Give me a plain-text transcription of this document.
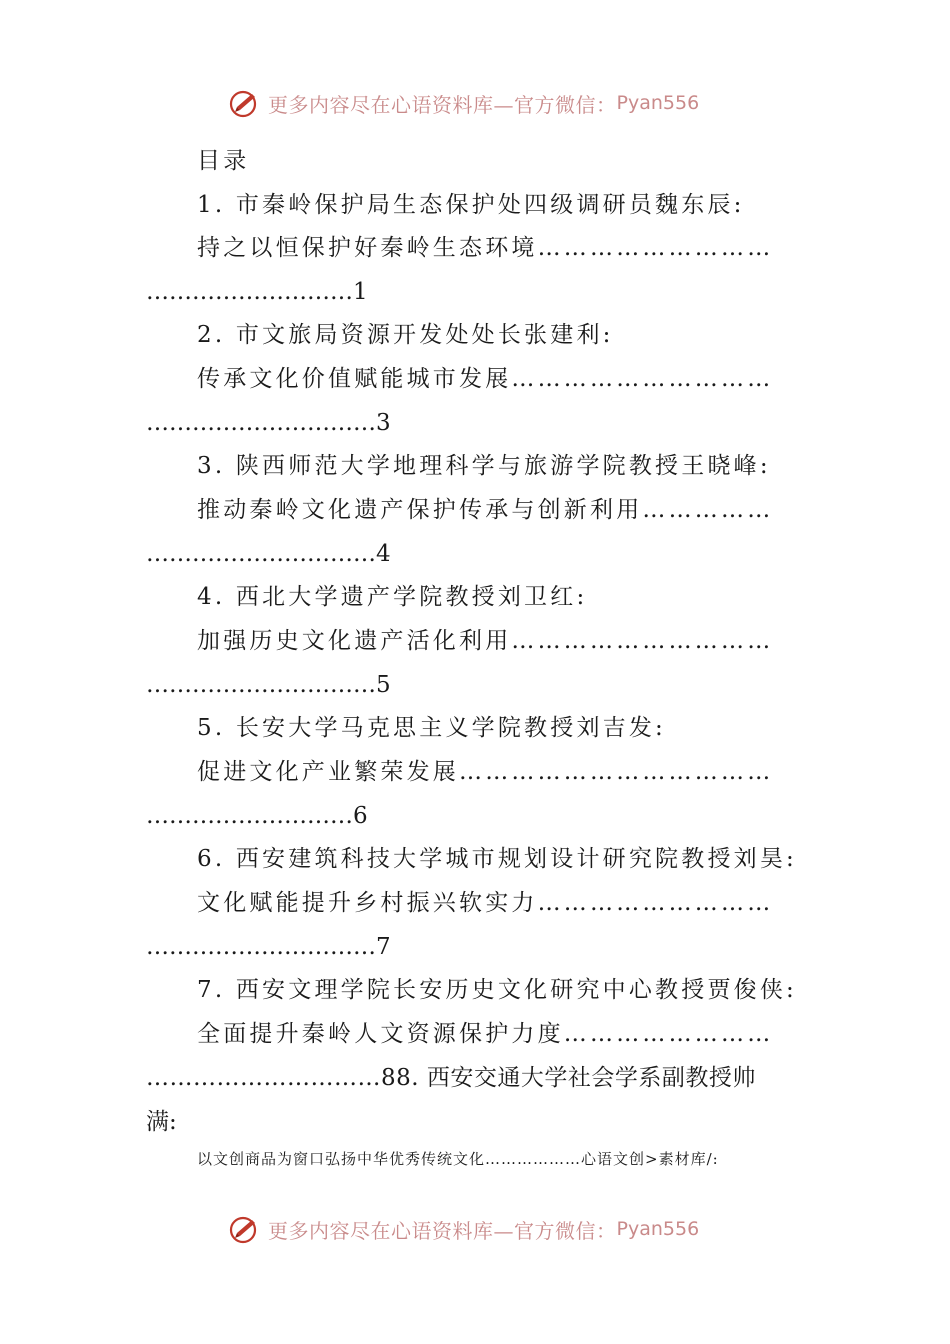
更多内容尽在心语资料库—官方微信： Pyan556
目录
1. 市秦岭保护局生态保护处四级调研员魏东辰:
持之以恒保护好秦岭生态环境………………………
………………………1
2. 市文旅局资源开发处处长张建利:
传承文化价值赋能城市发展…………………………
…………………………3
3. 陕西师范大学地理科学与旅游学院教授王晓峰:
推动秦岭文化遗产保护传承与创新利用……………
…………………………4
4. 西北大学遗产学院教授刘卫红:
加强历史文化遗产活化利用…………………………
…………………………5
5. 长安大学马克思主义学院教授刘吉发:
促进文化产业繁荣发展………………………………
………………………6
6. 西安建筑科技大学城市规划设计研究院教授刘昊:
文化赋能提升乡村振兴软实力………………………
…………………………7
7. 西安文理学院长安历史文化研究中心教授贾俊侠:
全面提升秦岭人文资源保护力度……………………
…………………………88. 西安交通大学社会学系副教授帅
满:
以文创商品为窗口弘扬中华优秀传统文化………………心语文创>素材库/:
更多内容尽在心语资料库—官方微信： Pyan556
